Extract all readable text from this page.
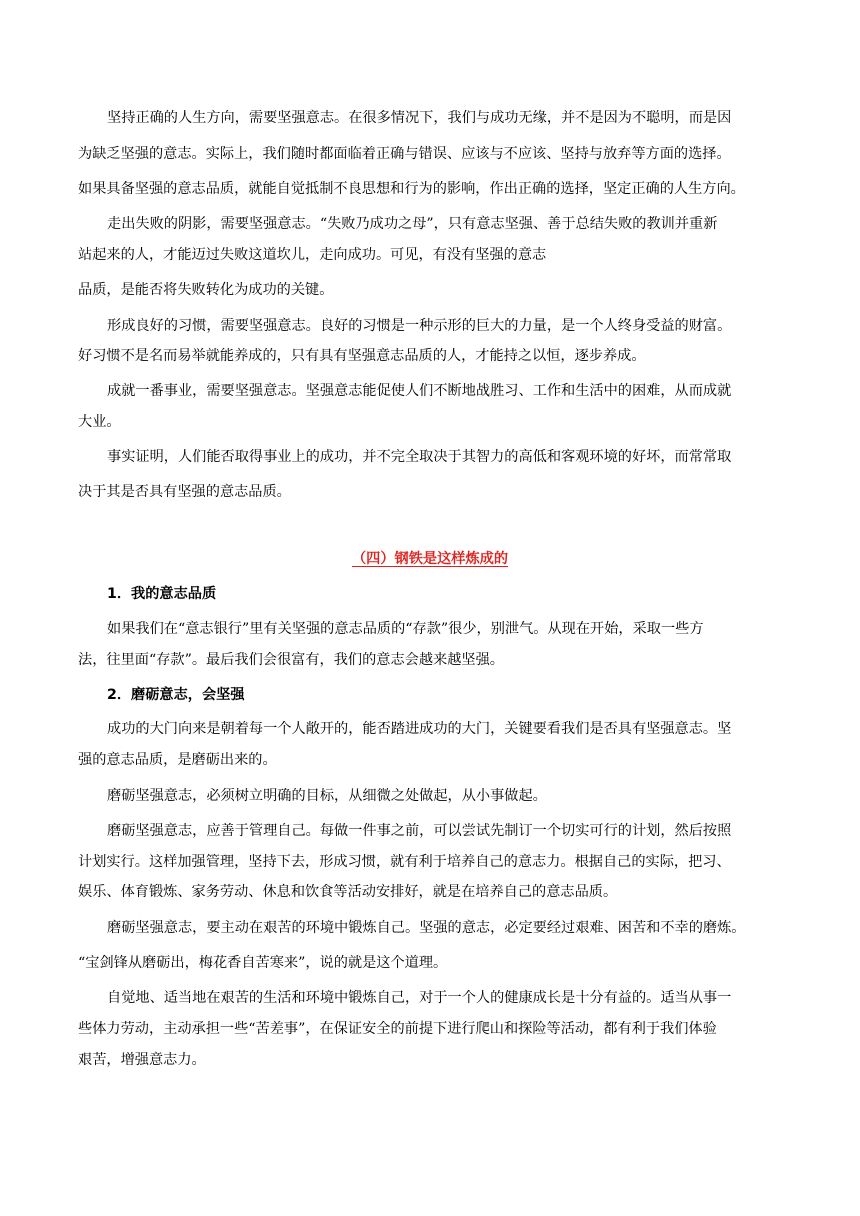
坚持正确的人生方向，需要坚强意志。在很多情况下，我们与成功无缘，并不是因为不聪明，而是因
为缺乏坚强的意志。实际上，我们随时都面临着正确与错误、应该与不应该、坚持与放弃等方面的选择。
如果具备坚强的意志品质，就能自觉抵制不良思想和行为的影响，作出正确的选择，坚定正确的人生方向。
走出失败的阴影，需要坚强意志。“失败乃成功之母”，只有意志坚强、善于总结失败的教训并重新
站起来的人，才能迈过失败这道坎儿，走向成功。可见，有没有坚强的意志
品质，是能否将失败转化为成功的关键。
形成良好的习惯，需要坚强意志。良好的习惯是一种示形的巨大的力量，是一个人终身受益的财富。
好习惯不是名而易举就能养成的，只有具有坚强意志品质的人，才能持之以恒，逐步养成。
成就一番事业，需要坚强意志。坚强意志能促使人们不断地战胜习、工作和生活中的困难，从而成就
大业。
事实证明，人们能否取得事业上的成功，并不完全取决于其智力的高低和客观环境的好坏，而常常取
决于其是否具有坚强的意志品质。
（四）钢铁是这样炼成的
1．我的意志品质
如果我们在“意志银行”里有关坚强的意志品质的“存款”很少，别泄气。从现在开始，采取一些方
法，往里面“存款”。最后我们会很富有，我们的意志会越来越坚强。
2．磨砺意志，会坚强
成功的大门向来是朝着每一个人敞开的，能否踏进成功的大门，关键要看我们是否具有坚强意志。坚
强的意志品质，是磨砺出来的。
磨砺坚强意志，必须树立明确的目标，从细微之处做起，从小事做起。
磨砺坚强意志，应善于管理自己。每做一件事之前，可以尝试先制订一个切实可行的计划，然后按照
计划实行。这样加强管理，坚持下去，形成习惯，就有利于培养自己的意志力。根据自己的实际，把习、
娱乐、体育锻炼、家务劳动、休息和饮食等活动安排好，就是在培养自己的意志品质。
磨砺坚强意志，要主动在艰苦的环境中锻炼自己。坚强的意志，必定要经过艰难、困苦和不幸的磨炼。
“宝剑锋从磨砺出，梅花香自苦寒来”，说的就是这个道理。
自觉地、适当地在艰苦的生活和环境中锻炼自己，对于一个人的健康成长是十分有益的。适当从事一
些体力劳动，主动承担一些“苦差事”，在保证安全的前提下进行爬山和探险等活动，都有利于我们体验
艰苦，增强意志力。
